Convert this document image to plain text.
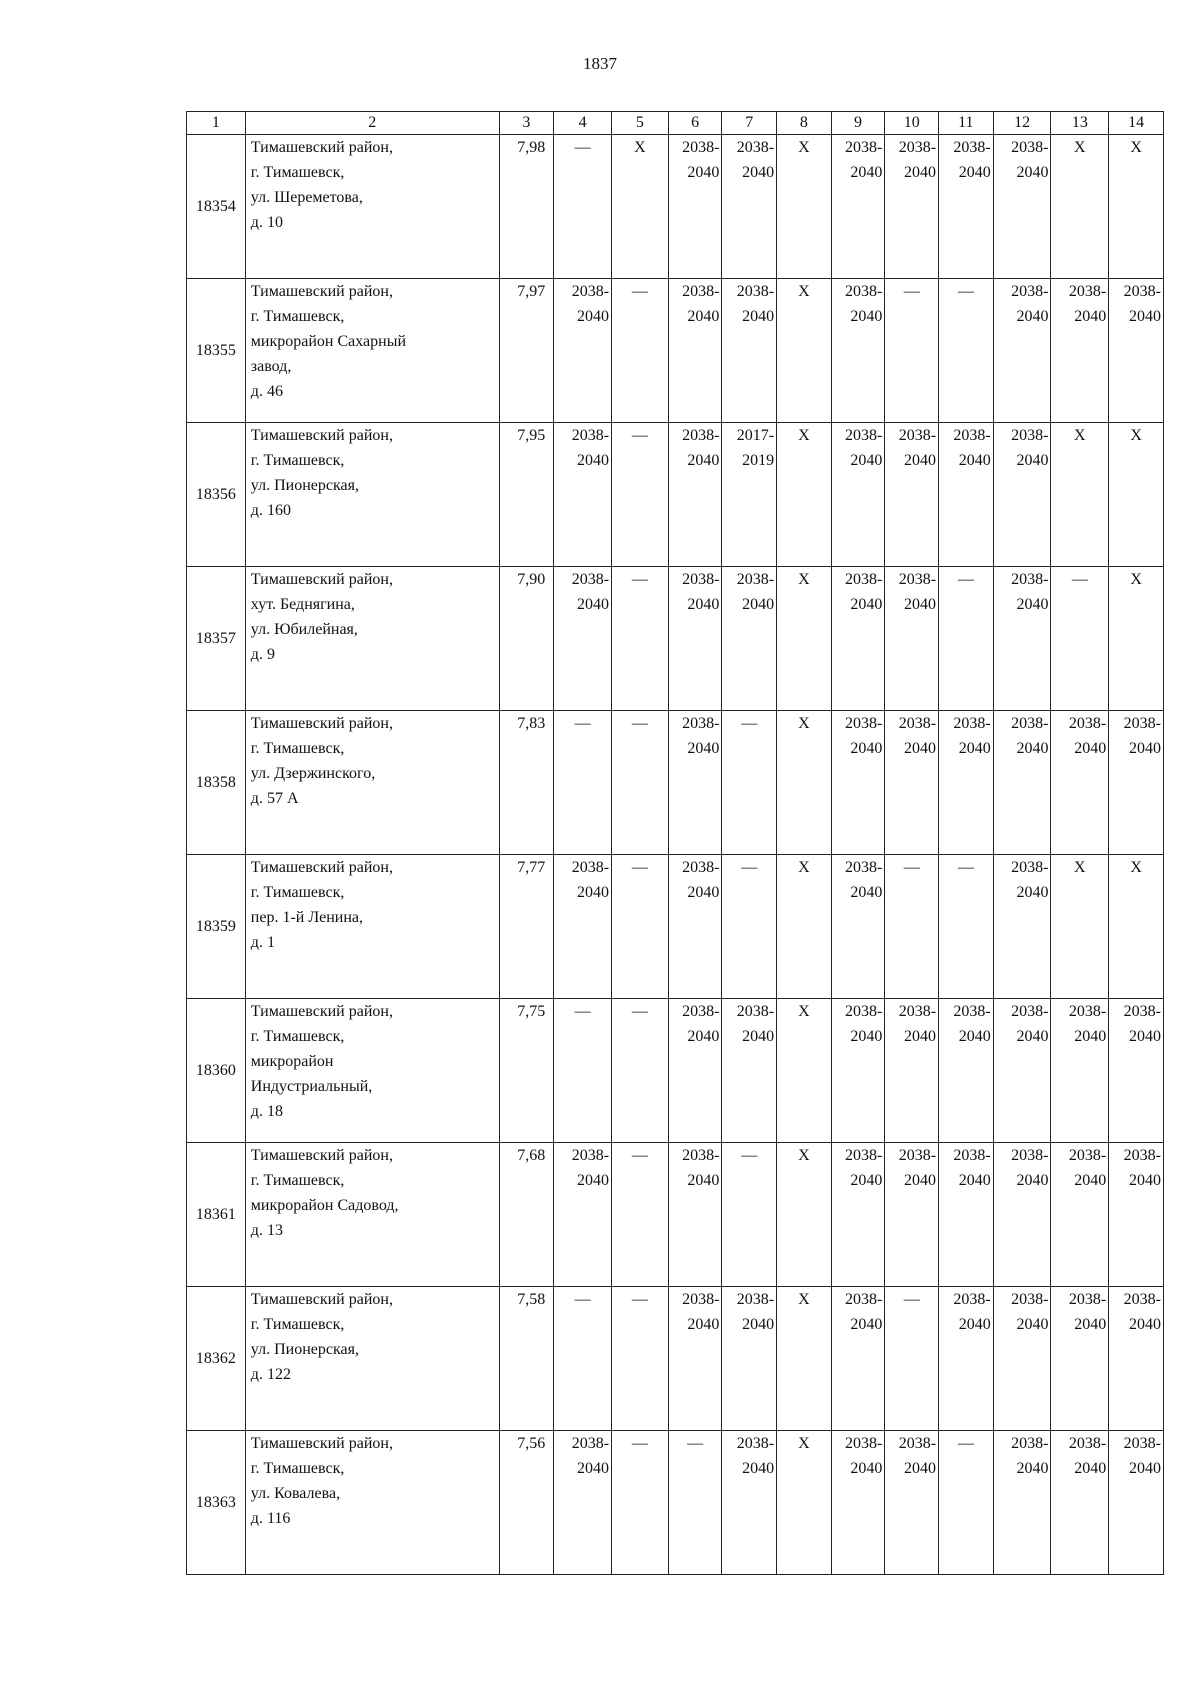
1837
1	2	3	4	5	6	7	8	9	10	11	12	13	14
18354	Тимашевский район,
г. Тимашевск,
ул. Шереметова,
д. 10	7,98	—	X	2038-
2040	2038-
2040	X	2038-
2040	2038-
2040	2038-
2040	2038-
2040	X	X
18355	Тимашевский район,
г. Тимашевск,
микрорайон Сахарный
завод,
д. 46	7,97	2038-
2040	—	2038-
2040	2038-
2040	X	2038-
2040	—	—	2038-
2040	2038-
2040	2038-
2040

18356	Тимашевский район,
г. Тимашевск,
ул. Пионерская,
д. 160	7,95	2038-
2040	—	2038-
2040	2017-
2019	X	2038-
2040	2038-
2040	2038-
2040	2038-
2040	X	X
18357	Тимашевский район,
хут. Беднягина,
ул. Юбилейная,
д. 9	7,90	2038-
2040	—	2038-
2040	2038-
2040	X	2038-
2040	2038-
2040	—	2038-
2040	—	X
18358	Тимашевский район,
г. Тимашевск,
ул. Дзержинского,
д. 57 А	7,83	—	—	2038-
2040	—	X	2038-
2040	2038-
2040	2038-
2040	2038-
2040	2038-
2040	2038-
2040

18359	Тимашевский район,
г. Тимашевск,
пер. 1-й Ленина,
д. 1	7,77	2038-
2040	—	2038-
2040	—	X	2038-
2040	—	—	2038-
2040	X	X
18360	Тимашевский район,
г. Тимашевск,
микрорайон
Индустриальный,
д. 18	7,75	—	—	2038-
2040	2038-
2040	X	2038-
2040	2038-
2040	2038-
2040	2038-
2040	2038-
2040	2038-
2040

18361	Тимашевский район,
г. Тимашевск,
микрорайон Садовод,
д. 13	7,68	2038-
2040	—	2038-
2040	—	X	2038-
2040	2038-
2040	2038-
2040	2038-
2040	2038-
2040	2038-
2040

18362	Тимашевский район,
г. Тимашевск,
ул. Пионерская,
д. 122	7,58	—	—	2038-
2040	2038-
2040	X	2038-
2040	—	2038-
2040	2038-
2040	2038-
2040	2038-
2040

18363	Тимашевский район,
г. Тимашевск,
ул. Ковалева,
д. 116	7,56	2038-
2040	—	—	2038-
2040	X	2038-
2040	2038-
2040	—	2038-
2040	2038-
2040	2038-
2040
